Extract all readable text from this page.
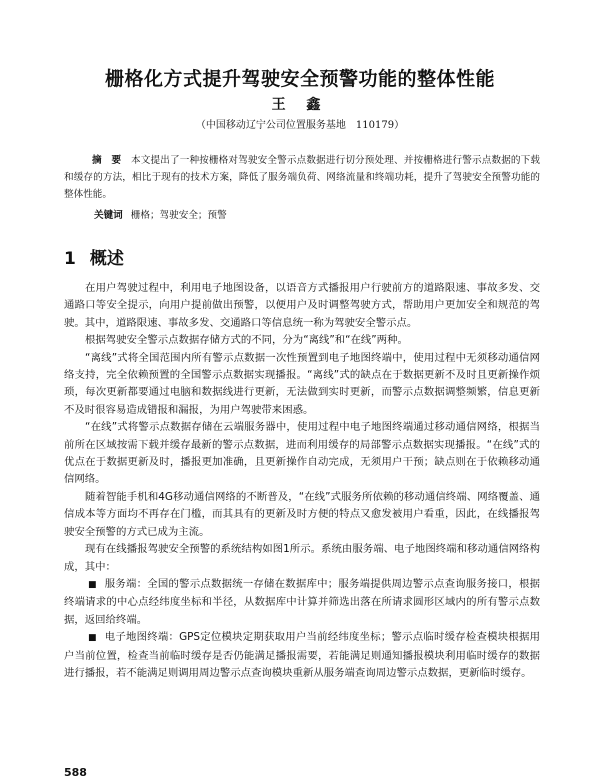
栅格化方式提升驾驶安全预警功能的整体性能
王 鑫
（中国移动辽宁公司位置服务基地　110179）
摘　要　 本文提出了一种按栅格对驾驶安全警示点数据进行切分预处理、并按栅格进行警示点数据的下载和缓存的方法，相比于现有的技术方案，降低了服务端负荷、网络流量和终端功耗，提升了驾驶安全预警功能的整体性能。
关键词 栅格；驾驶安全；预警
1 概述

在用户驾驶过程中，利用电子地图设备，以语音方式播报用户行驶前方的道路限速、事故多发、交通路口等安全提示，向用户提前做出预警，以便用户及时调整驾驶方式，帮助用户更加安全和规范的驾驶。其中，道路限速、事故多发、交通路口等信息统一称为驾驶安全警示点。

根据驾驶安全警示点数据存储方式的不同，分为“离线”和“在线”两种。

“离线”式将全国范围内所有警示点数据一次性预置到电子地图终端中，使用过程中无须移动通信网络支持，完全依赖预置的全国警示点数据实现播报。“离线”式的缺点在于数据更新不及时且更新操作烦琐，每次更新都要通过电脑和数据线进行更新，无法做到实时更新，而警示点数据调整频繁，信息更新不及时很容易造成错报和漏报，为用户驾驶带来困惑。

“在线”式将警示点数据存储在云端服务器中，使用过程中电子地图终端通过移动通信网络，根据当前所在区域按需下载并缓存最新的警示点数据，进而利用缓存的局部警示点数据实现播报。“在线”式的优点在于数据更新及时，播报更加准确，且更新操作自动完成，无须用户干预；缺点则在于依赖移动通信网络。

随着智能手机和4G移动通信网络的不断普及，“在线”式服务所依赖的移动通信终端、网络覆盖、通信成本等方面均不再存在门槛，而其具有的更新及时方便的特点又愈发被用户看重，因此，在线播报驾驶安全预警的方式已成为主流。

现有在线播报驾驶安全预警的系统结构如图1所示。系统由服务端、电子地图终端和移动通信网络构成，其中：

■ 服务端：全国的警示点数据统一存储在数据库中；服务端提供周边警示点查询服务接口，根据终端请求的中心点经纬度坐标和半径，从数据库中计算并筛选出落在所请求圆形区域内的所有警示点数据，返回给终端。

■ 电子地图终端：GPS定位模块定期获取用户当前经纬度坐标；警示点临时缓存检查模块根据用户当前位置，检查当前临时缓存是否仍能满足播报需要，若能满足则通知播报模块利用临时缓存的数据进行播报，若不能满足则调用周边警示点查询模块重新从服务端查询周边警示点数据，更新临时缓存。

588
